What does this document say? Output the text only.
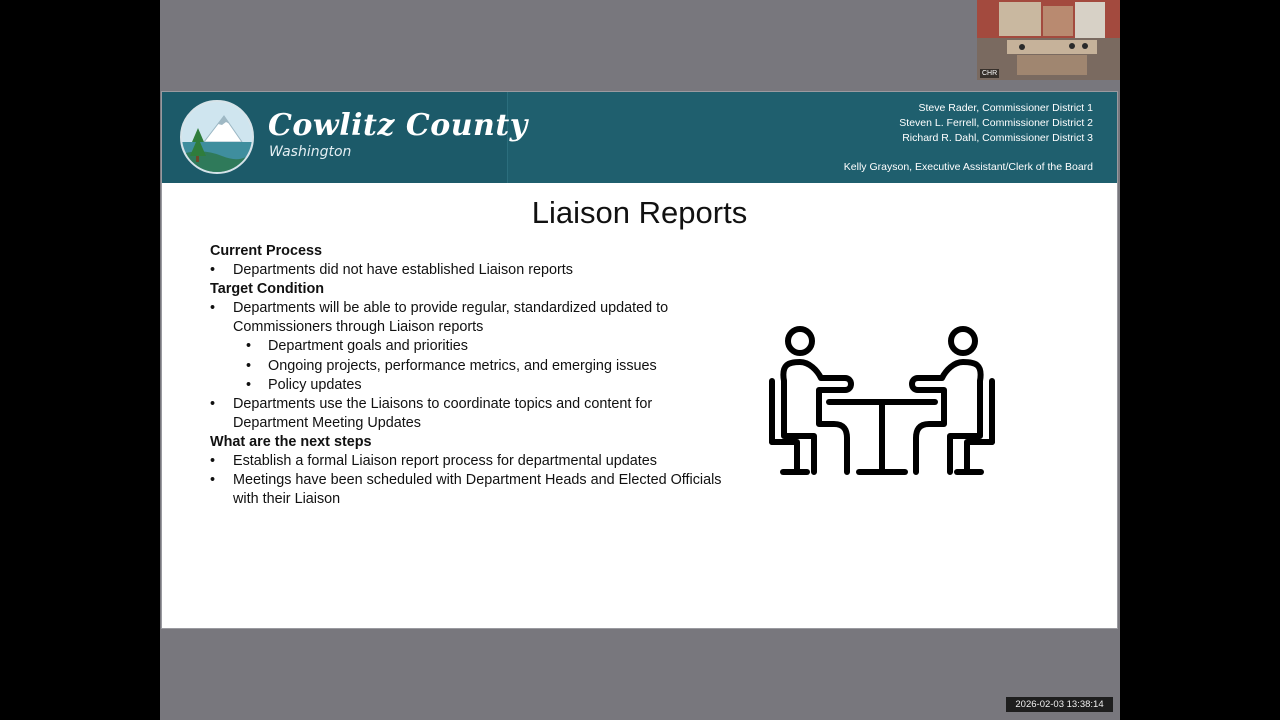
CHR
Cowlitz County
Washington
Steve Rader, Commissioner District 1
Steven L. Ferrell, Commissioner District 2
Richard R. Dahl, Commissioner District 3
Kelly Grayson, Executive Assistant/Clerk of the Board
Liaison Reports
Current Process
• Departments did not have established Liaison reports
Target Condition
• Departments will be able to provide regular, standardized updated to Commissioners through Liaison reports
• Department goals and priorities
• Ongoing projects, performance metrics, and emerging issues
• Policy updates
• Departments use the Liaisons to coordinate topics and content for Department Meeting Updates
What are the next steps
• Establish a formal Liaison report process for departmental updates
• Meetings have been scheduled with Department Heads and Elected Officials with their Liaison
2026-02-03 13:38:14
